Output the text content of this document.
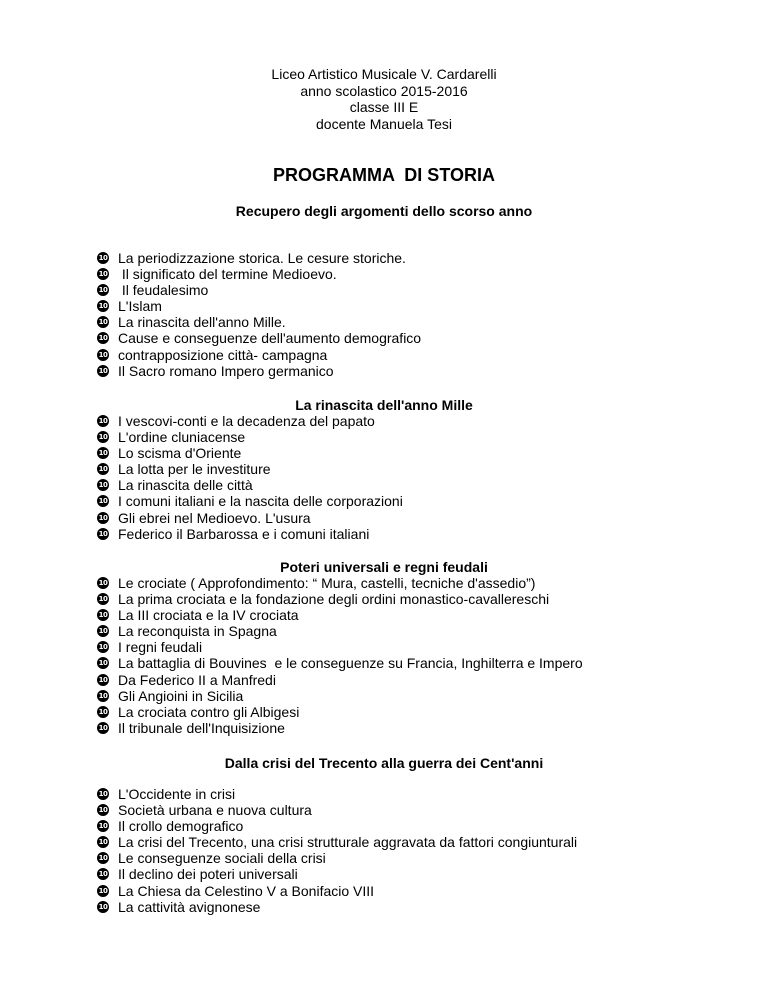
Liceo Artistico Musicale V. Cardarelli
anno scolastico 2015-2016
classe III E
docente Manuela Tesi
PROGRAMMA  DI STORIA
Recupero degli argomenti dello scorso anno
10 La periodizzazione storica. Le cesure storiche.
10 Il significato del termine Medioevo.
10 Il feudalesimo
10 L'Islam
10 La rinascita dell'anno Mille.
10 Cause e conseguenze dell'aumento demografico
10 contrapposizione città- campagna
10 Il Sacro romano Impero germanico
La rinascita dell'anno Mille
10 I vescovi-conti e la decadenza del papato
10 L'ordine cluniacense
10 Lo scisma d'Oriente
10 La lotta per le investiture
10 La rinascita delle città
10 I comuni italiani e la nascita delle corporazioni
10 Gli ebrei nel Medioevo. L'usura
10 Federico il Barbarossa e i comuni italiani
Poteri universali e regni feudali
10 Le crociate ( Approfondimento: “ Mura, castelli, tecniche d'assedio”)
10 La prima crociata e la fondazione degli ordini monastico-cavallereschi
10 La III crociata e la IV crociata
10 La reconquista in Spagna
10 I regni feudali
10 La battaglia di Bouvines  e le conseguenze su Francia, Inghilterra e Impero
10 Da Federico II a Manfredi
10 Gli Angioini in Sicilia
10 La crociata contro gli Albigesi
10 Il tribunale dell'Inquisizione
Dalla crisi del Trecento alla guerra dei Cent'anni
10 L'Occidente in crisi
10 Società urbana e nuova cultura
10 Il crollo demografico
10 La crisi del Trecento, una crisi strutturale aggravata da fattori congiunturali
10 Le conseguenze sociali della crisi
10 Il declino dei poteri universali
10 La Chiesa da Celestino V a Bonifacio VIII
10 La cattività avignonese
